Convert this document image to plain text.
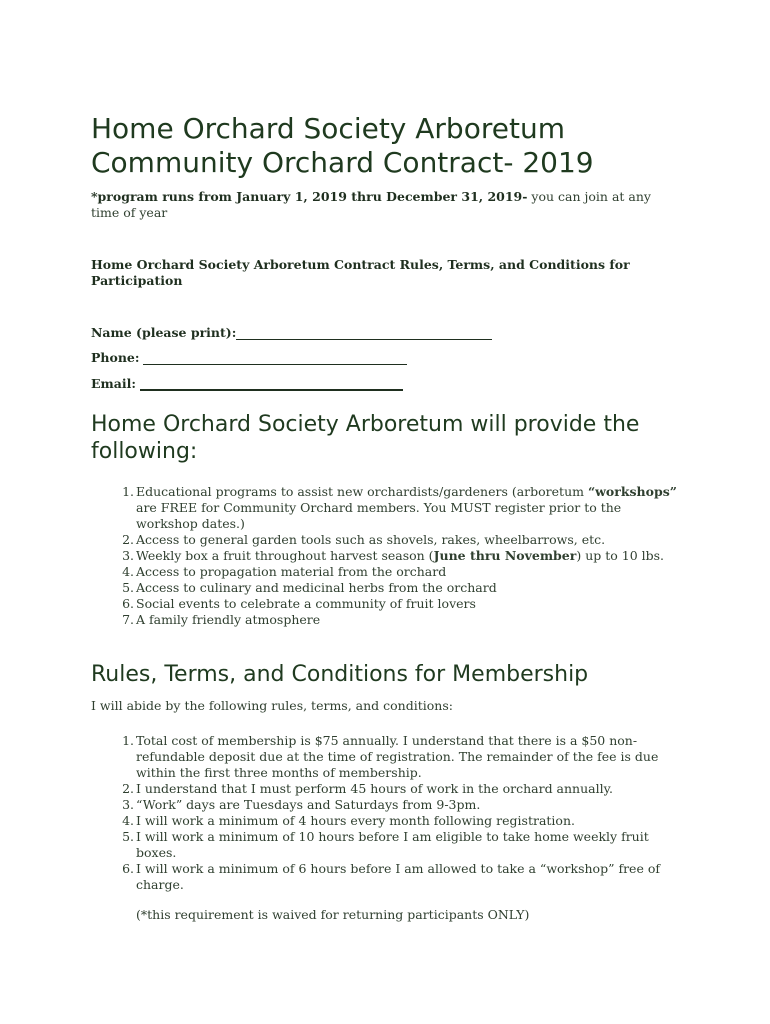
Home Orchard Society Arboretum
Community Orchard Contract- 2019
*program runs from January 1, 2019 thru December 31, 2019- you can join at any time of year
Home Orchard Society Arboretum Contract Rules, Terms, and Conditions for Participation
Name (please print):
Phone:
Email:
Home Orchard Society Arboretum will provide the following:
1. Educational programs to assist new orchardists/gardeners (arboretum “workshops” are FREE for Community Orchard members. You MUST register prior to the workshop dates.)
2. Access to general garden tools such as shovels, rakes, wheelbarrows, etc.
3. Weekly box a fruit throughout harvest season (June thru November) up to 10 lbs.
4. Access to propagation material from the orchard
5. Access to culinary and medicinal herbs from the orchard
6. Social events to celebrate a community of fruit lovers
7. A family friendly atmosphere
Rules, Terms, and Conditions for Membership
I will abide by the following rules, terms, and conditions:
1. Total cost of membership is $75 annually. I understand that there is a $50 non-refundable deposit due at the time of registration. The remainder of the fee is due within the first three months of membership.
2. I understand that I must perform 45 hours of work in the orchard annually.
3. “Work” days are Tuesdays and Saturdays from 9-3pm.
4. I will work a minimum of 4 hours every month following registration.
5. I will work a minimum of 10 hours before I am eligible to take home weekly fruit boxes.
6. I will work a minimum of 6 hours before I am allowed to take a “workshop” free of charge.
(*this requirement is waived for returning participants ONLY)
